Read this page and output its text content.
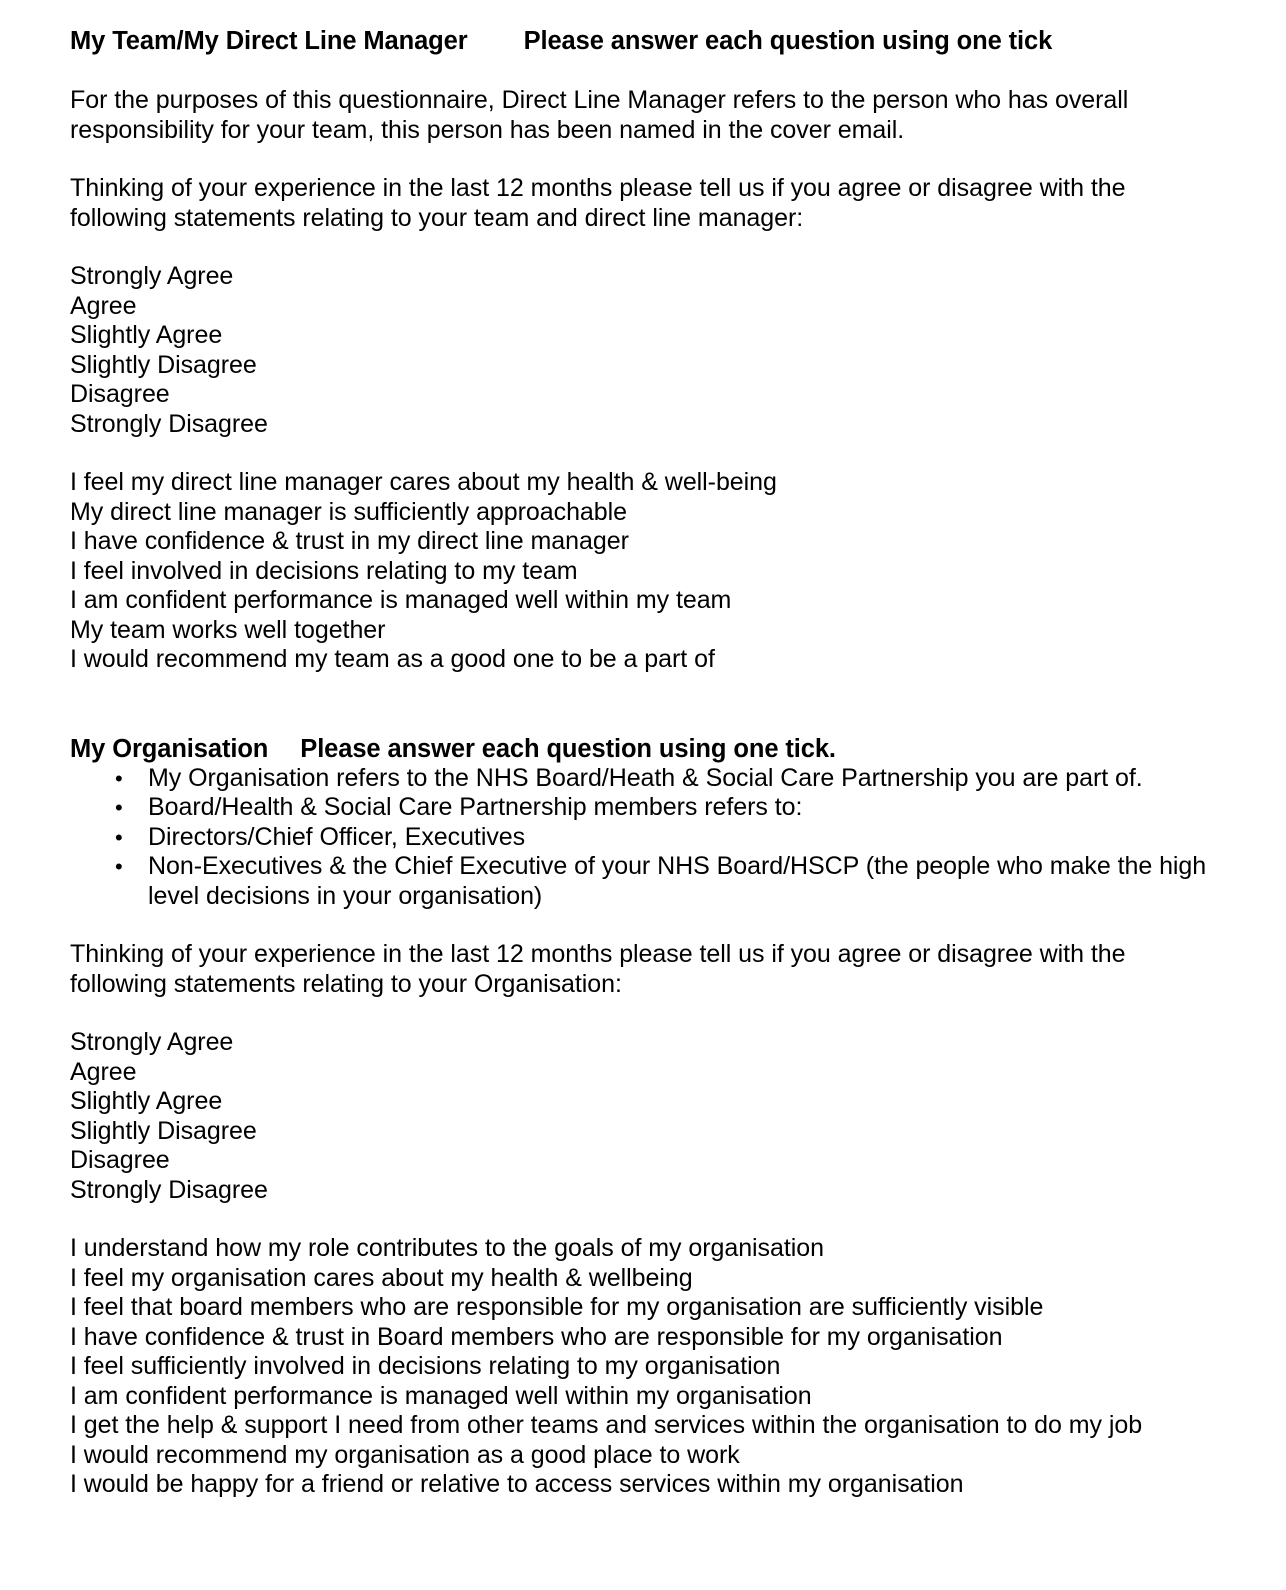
My Team/My Direct Line Manager Please answer each question using one tick

For the purposes of this questionnaire, Direct Line Manager refers to the person who has overall responsibility for your team, this person has been named in the cover email.

Thinking of your experience in the last 12 months please tell us if you agree or disagree with the following statements relating to your team and direct line manager:

Strongly Agree
Agree
Slightly Agree
Slightly Disagree
Disagree
Strongly Disagree
I feel my direct line manager cares about my health & well-being
My direct line manager is sufficiently approachable
I have confidence & trust in my direct line manager
I feel involved in decisions relating to my team
I am confident performance is managed well within my team
My team works well together
I would recommend my team as a good one to be a part of
My Organisation Please answer each question using one tick.
• My Organisation refers to the NHS Board/Heath & Social Care Partnership you are part of.
• Board/Health & Social Care Partnership members refers to:
• Directors/Chief Officer, Executives
• Non-Executives & the Chief Executive of your NHS Board/HSCP (the people who make the high level decisions in your organisation)

Thinking of your experience in the last 12 months please tell us if you agree or disagree with the following statements relating to your Organisation:

Strongly Agree
Agree
Slightly Agree
Slightly Disagree
Disagree
Strongly Disagree
I understand how my role contributes to the goals of my organisation
I feel my organisation cares about my health & wellbeing
I feel that board members who are responsible for my organisation are sufficiently visible
I have confidence & trust in Board members who are responsible for my organisation
I feel sufficiently involved in decisions relating to my organisation
I am confident performance is managed well within my organisation
I get the help & support I need from other teams and services within the organisation to do my job
I would recommend my organisation as a good place to work
I would be happy for a friend or relative to access services within my organisation
